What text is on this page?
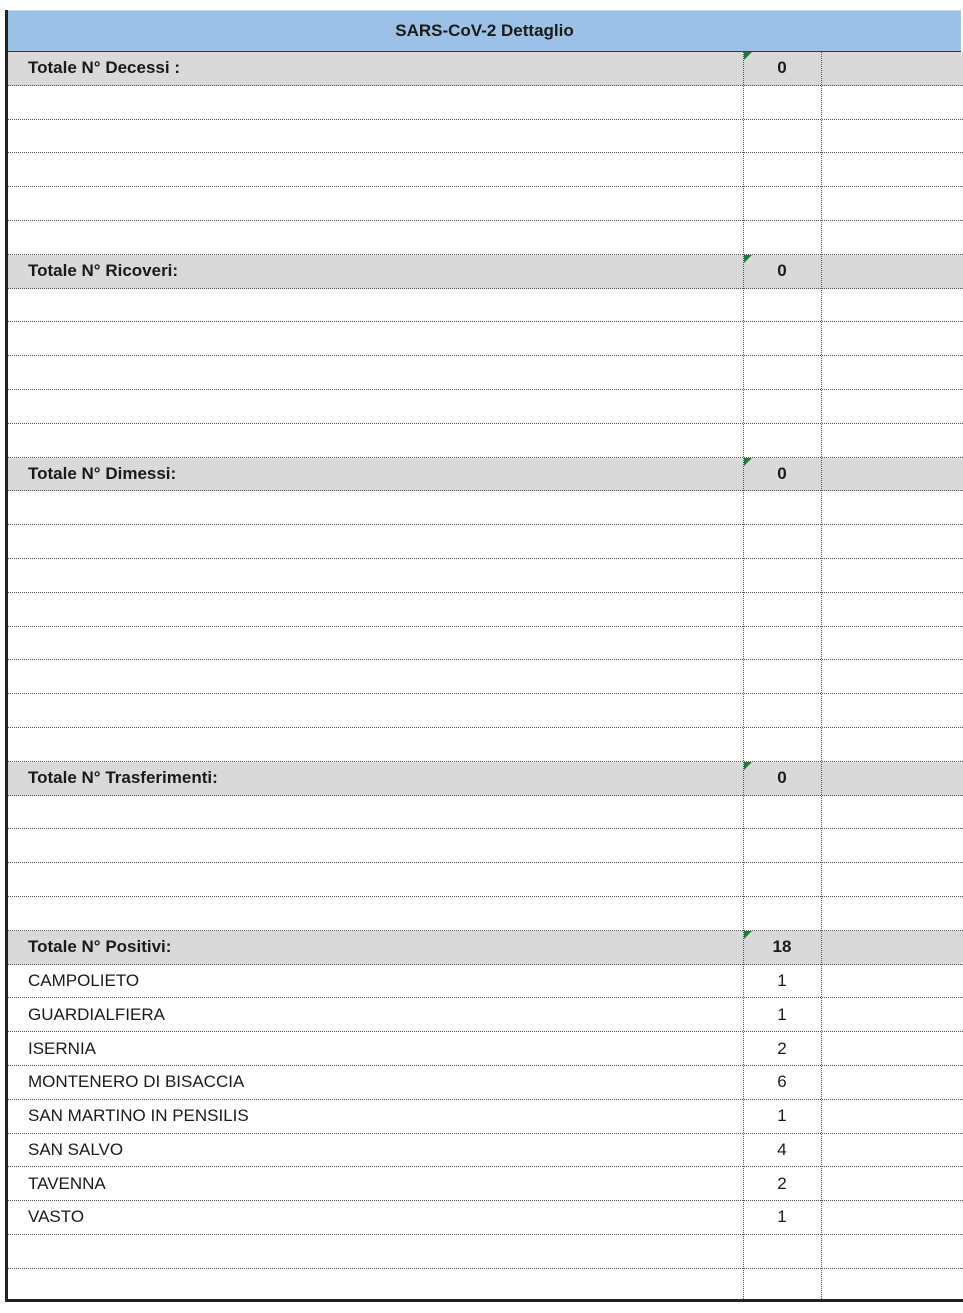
SARS-CoV-2 Dettaglio
Totale N° Decessi :	0
Totale N° Ricoveri:	0
Totale N° Dimessi:	0
Totale N° Trasferimenti:	0
Totale N° Positivi:	18
CAMPOLIETO	1
GUARDIALFIERA	1
ISERNIA	2
MONTENERO DI BISACCIA	6
SAN MARTINO IN PENSILIS	1
SAN SALVO	4
TAVENNA	2
VASTO	1
